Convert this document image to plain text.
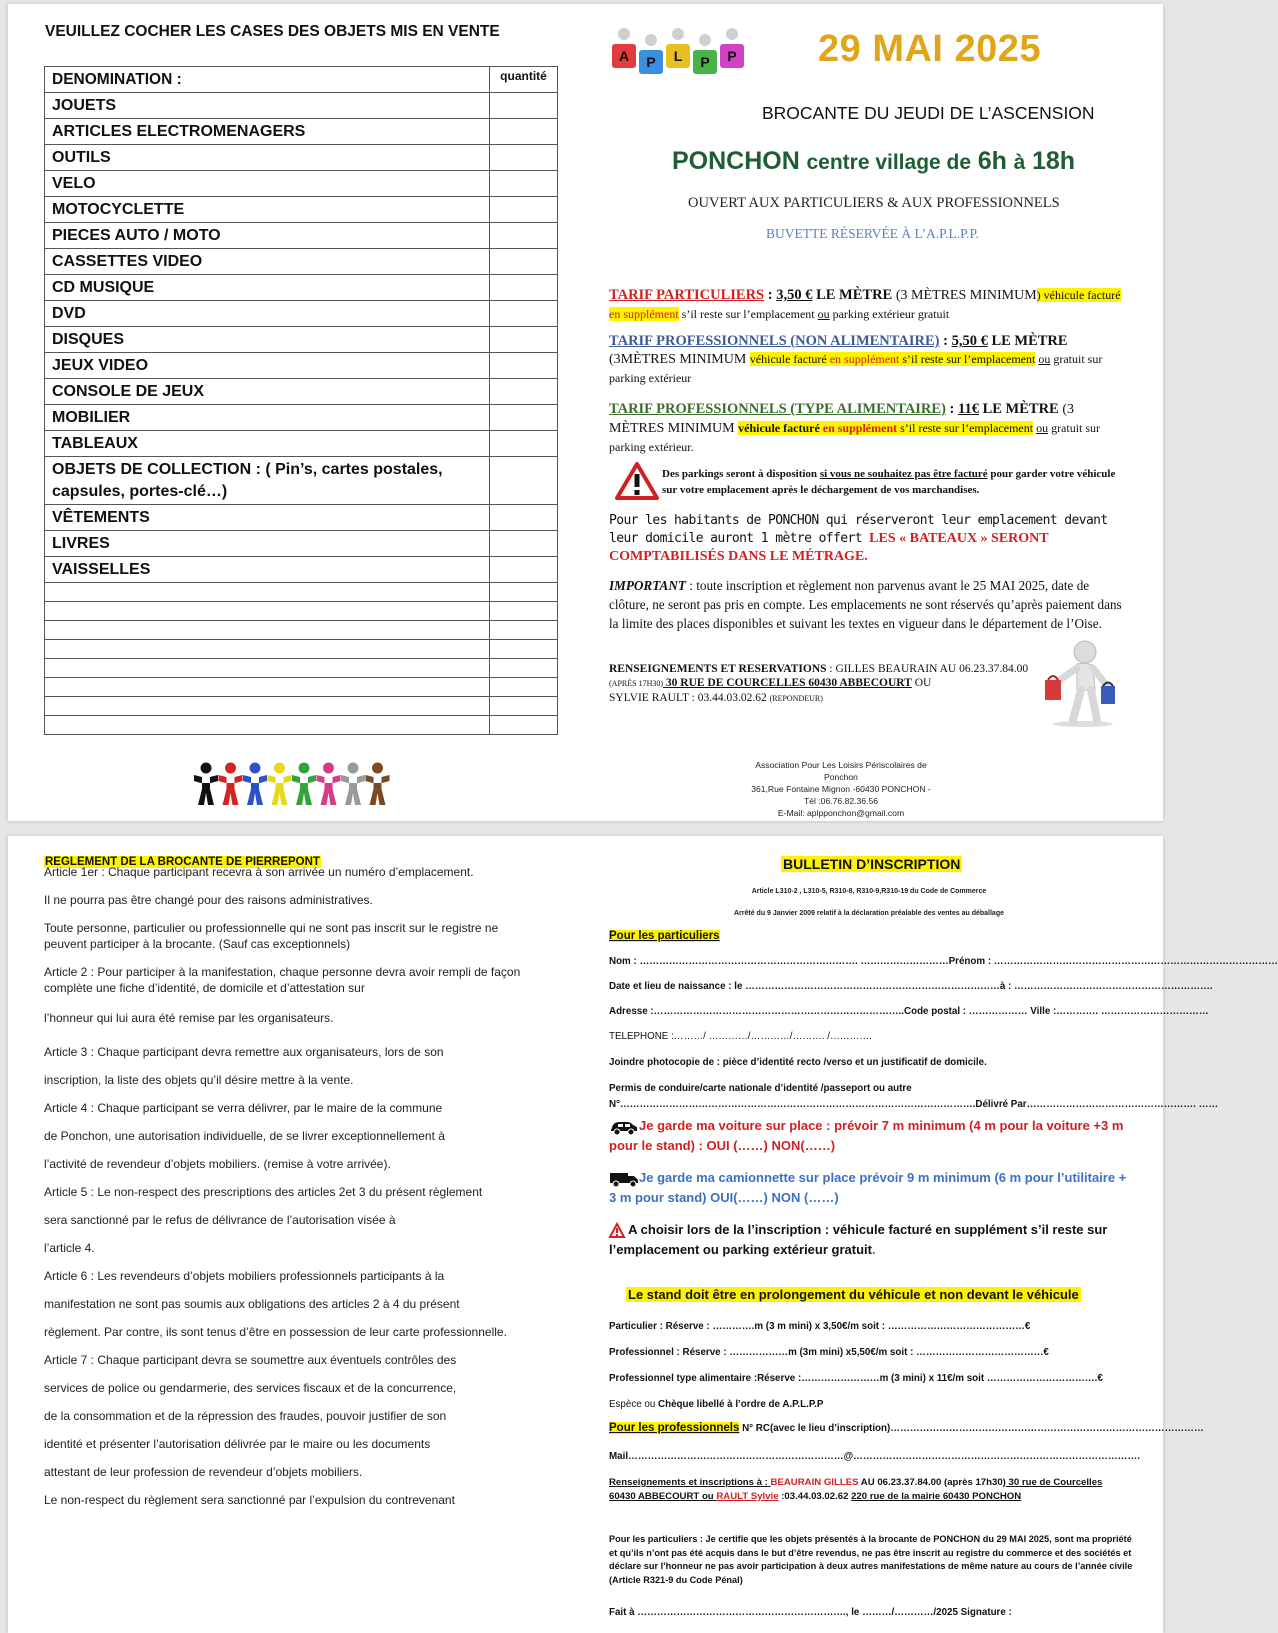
VEUILLEZ COCHER LES CASES DES OBJETS MIS EN VENTE
DENOMINATION :	quantité
JOUETS	
ARTICLES ELECTROMENAGERS	
OUTILS	
VELO	
MOTOCYCLETTE	
PIECES AUTO / MOTO	
CASSETTES VIDEO	
CD MUSIQUE	
DVD	
DISQUES	
JEUX VIDEO	
CONSOLE DE JEUX	
MOBILIER	
TABLEAUX	
OBJETS DE COLLECTION : ( Pin’s, cartes postales, capsules, portes-clé…)	
VÊTEMENTS	
LIVRES	
VAISSELLES	

A P L P P 29 MAI 2025
BROCANTE DU JEUDI DE L’ASCENSION
PONCHON centre village de 6h à 18h
OUVERT AUX PARTICULIERS & AUX PROFESSIONNELS
BUVETTE RÉSERVÉE À L’A.P.L.P.P.
TARIF PARTICULIERS : 3,50 € LE MÈTRE (3 MÈTRES MINIMUM) véhicule facturé
en supplément s’il reste sur l’emplacement ou parking extérieur gratuit
TARIF PROFESSIONNELS (NON ALIMENTAIRE) : 5,50 € LE MÈTRE
(3MÈTRES MINIMUM véhicule facturé en supplément s’il reste sur l’emplacement ou gratuit sur parking extérieur
TARIF PROFESSIONNELS (TYPE ALIMENTAIRE) : 11€ LE MÈTRE (3 MÈTRES MINIMUM véhicule facturé en supplément s’il reste sur l’emplacement ou gratuit sur parking extérieur.
Des parkings seront à disposition si vous ne souhaitez pas être facturé pour garder votre véhicule sur votre emplacement après le déchargement de vos marchandises.
Pour les habitants de PONCHON qui réserveront leur emplacement devant leur domicile auront 1 mètre offert LES « BATEAUX » SERONT COMPTABILISÉS DANS LE MÉTRAGE.
IMPORTANT : toute inscription et règlement non parvenus avant le 25 MAI 2025, date de clôture, ne seront pas pris en compte. Les emplacements ne sont réservés qu’après paiement dans la limite des places disponibles et suivant les textes en vigueur dans le département de l’Oise.
RENSEIGNEMENTS ET RESERVATIONS : GILLES BEAURAIN AU 06.23.37.84.00 (APRÈS 17H30) 30 RUE DE COURCELLES 60430 ABBECOURT OU
SYLVIE RAULT : 03.44.03.02.62 (REPONDEUR)
Association Pour Les Loisirs Périscolaires de Ponchon
361,Rue Fontaine Mignon -60430 PONCHON - Tél :06.76.82.36.56
E-Mail: aplpponchon@gmail.com
REGLEMENT DE LA BROCANTE DE PIERREPONT
Article 1er : Chaque participant recevra à son arrivée un numéro d’emplacement.
Il ne pourra pas être changé pour des raisons administratives.
Toute personne, particulier ou professionnelle qui ne sont pas inscrit sur le registre ne peuvent participer à la brocante. (Sauf cas exceptionnels)
Article 2 : Pour participer à la manifestation, chaque personne devra avoir rempli de façon complète une fiche d’identité, de domicile et d’attestation sur
l’honneur qui lui aura été remise par les organisateurs.
Article 3 : Chaque participant devra remettre aux organisateurs, lors de son
inscription, la liste des objets qu’il désire mettre à la vente.
Article 4 : Chaque participant se verra délivrer, par le maire de la commune
de Ponchon, une autorisation individuelle, de se livrer exceptionnellement à
l’activité de revendeur d’objets mobiliers. (remise à votre arrivée).
Article 5 : Le non-respect des prescriptions des articles 2et 3 du présent règlement
sera sanctionné par le refus de délivrance de l’autorisation visée à
l’article 4.
Article 6 : Les revendeurs d’objets mobiliers professionnels participants à la
manifestation ne sont pas soumis aux obligations des articles 2 à 4 du présent
règlement. Par contre, ils sont tenus d’être en possession de leur carte professionnelle.
Article 7 : Chaque participant devra se soumettre aux éventuels contrôles des
services de police ou gendarmerie, des services fiscaux et de la concurrence,
de la consommation et de la répression des fraudes, pouvoir justifier de son
identité et présenter l’autorisation délivrée par le maire ou les documents
attestant de leur profession de revendeur d’objets mobiliers.
Le non-respect du règlement sera sanctionné par l’expulsion du contrevenant
BULLETIN D’INSCRIPTION
Article L310-2 , L310-5, R310-8, R310-9,R310-19 du Code de Commerce
Arrêté du 9 Janvier 2009 relatif à la déclaration préalable des ventes au déballage
Pour les particuliers
Nom : …………………………………………………………. ………………………Prénom : ……………………………………………………………………………
Date et lieu de naissance : le ……………………………………………………………………à : …………………………………………………….
Adresse :…………………………………………………………………..Code postal : ……………… Ville :…………. ……………………………
TELEPHONE :………/ …………/…………/………. /………….
Joindre photocopie de : pièce d’identité recto /verso et un justificatif de domicile.
Permis de conduire/carte nationale d’identité /passeport ou autre
N°……………………………………………………………………………………………….Délivré Par……………………………………………. ……
Je garde ma voiture sur place : prévoir 7 m minimum (4 m pour la voiture +3 m pour le stand) : OUI (……) NON(……)
Je garde ma camionnette sur place prévoir 9 m minimum (6 m pour l’utilitaire + 3 m pour stand) OUI(……) NON (……)
A choisir lors de la l’inscription : véhicule facturé en supplément s’il reste sur l’emplacement ou parking extérieur gratuit.
Le stand doit être en prolongement du véhicule et non devant le véhicule
Particulier : Réserve : ………….m (3 m mini) x 3,50€/m soit : ……………………………………€
Professionnel : Réserve : ………………m (3m mini) x5,50€/m soit : …………………………………€
Professionnel type alimentaire :Réserve :……………………m (3 mini) x 11€/m soit …………………………….€
Espèce ou Chèque libellé à l’ordre de A.P.L.P.P
Pour les professionnels N° RC(avec le lieu d’inscription)……………………………………………………………………………………
Mail…………………………………………………………@…………………………………………………………………………….
Renseignements et inscriptions à : BEAURAIN GILLES AU 06.23.37.84.00 (après 17h30) 30 rue de Courcelles 60430 ABBECOURT ou RAULT Sylvie :03.44.03.02.62 220 rue de la mairie 60430 PONCHON
Pour les particuliers : Je certifie que les objets présentés à la brocante de PONCHON du 29 MAI 2025, sont ma propriété et qu’ils n’ont pas été acquis dans le but d’être revendus, ne pas être inscrit au registre du commerce et des sociétés et déclare sur l’honneur ne pas avoir participation à deux autres manifestations de même nature au cours de l’année civile (Article R321-9 du Code Pénal)
Fait à ………………………………………………………., le ………/…………/2025 Signature :
